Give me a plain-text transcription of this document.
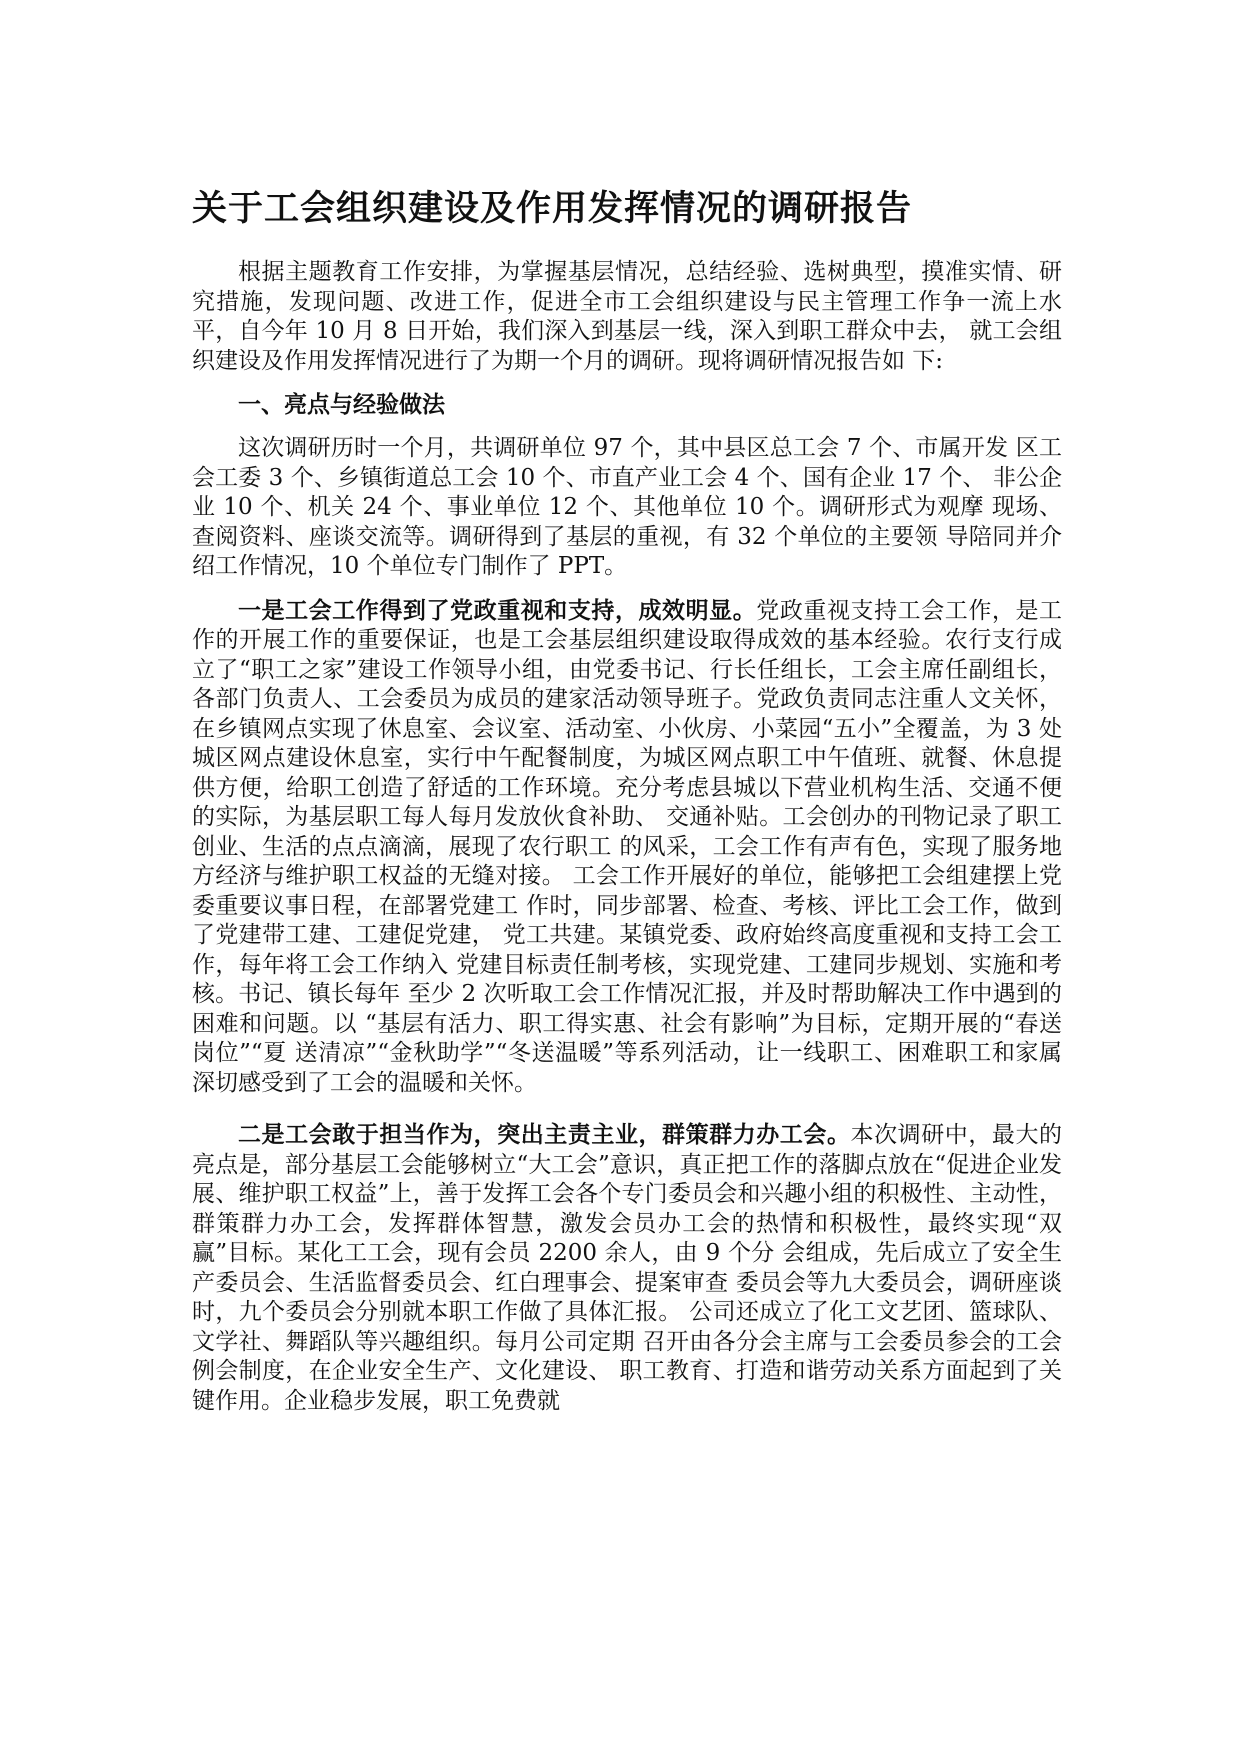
关于工会组织建设及作用发挥情况的调研报告

根据主题教育工作安排，为掌握基层情况，总结经验、选树典型，摸准实情、研究措施，发现问题、改进工作，促进全市工会组织建设与民主管理工作争一流上水平，自今年 10 月 8 日开始，我们深入到基层一线，深入到职工群众中去， 就工会组织建设及作用发挥情况进行了为期一个月的调研。现将调研情况报告如 下:

一、亮点与经验做法

这次调研历时一个月，共调研单位 97 个，其中县区总工会 7 个、市属开发 区工会工委 3 个、乡镇街道总工会 10 个、市直产业工会 4 个、国有企业 17 个、 非公企业 10 个、机关 24 个、事业单位 12 个、其他单位 10 个。调研形式为观摩 现场、查阅资料、座谈交流等。调研得到了基层的重视，有 32 个单位的主要领 导陪同并介绍工作情况，10 个单位专门制作了 PPT。

一是工会工作得到了党政重视和支持，成效明显。党政重视支持工会工作，是工作的开展工作的重要保证，也是工会基层组织建设取得成效的基本经验。农行支行成立了“职工之家”建设工作领导小组，由党委书记、行长任组长，工会主席任副组长，各部门负责人、工会委员为成员的建家活动领导班子。党政负责同志注重人文关怀，在乡镇网点实现了休息室、会议室、活动室、小伙房、小菜园“五小”全覆盖，为 3 处城区网点建设休息室，实行中午配餐制度，为城区网点职工中午值班、就餐、休息提供方便，给职工创造了舒适的工作环境。充分考虑县城以下营业机构生活、交通不便的实际，为基层职工每人每月发放伙食补助、 交通补贴。工会创办的刊物记录了职工创业、生活的点点滴滴，展现了农行职工 的风采，工会工作有声有色，实现了服务地方经济与维护职工权益的无缝对接。 工会工作开展好的单位，能够把工会组建摆上党委重要议事日程，在部署党建工 作时，同步部署、检查、考核、评比工会工作，做到了党建带工建、工建促党建， 党工共建。某镇党委、政府始终高度重视和支持工会工作，每年将工会工作纳入 党建目标责任制考核，实现党建、工建同步规划、实施和考核。书记、镇长每年 至少 2 次听取工会工作情况汇报，并及时帮助解决工作中遇到的困难和问题。以 “基层有活力、职工得实惠、社会有影响”为目标，定期开展的“春送岗位”“夏 送清凉”“金秋助学”“冬送温暖”等系列活动，让一线职工、困难职工和家属 深切感受到了工会的温暖和关怀。

二是工会敢于担当作为，突出主责主业，群策群力办工会。本次调研中，最大的亮点是，部分基层工会能够树立“大工会”意识，真正把工作的落脚点放在“促进企业发展、维护职工权益”上，善于发挥工会各个专门委员会和兴趣小组的积极性、主动性，群策群力办工会，发挥群体智慧，激发会员办工会的热情和积极性，最终实现“双赢”目标。某化工工会，现有会员 2200 余人，由 9 个分 会组成，先后成立了安全生产委员会、生活监督委员会、红白理事会、提案审查 委员会等九大委员会，调研座谈时，九个委员会分别就本职工作做了具体汇报。 公司还成立了化工文艺团、篮球队、文学社、舞蹈队等兴趣组织。每月公司定期 召开由各分会主席与工会委员参会的工会例会制度，在企业安全生产、文化建设、 职工教育、打造和谐劳动关系方面起到了关键作用。企业稳步发展，职工免费就
